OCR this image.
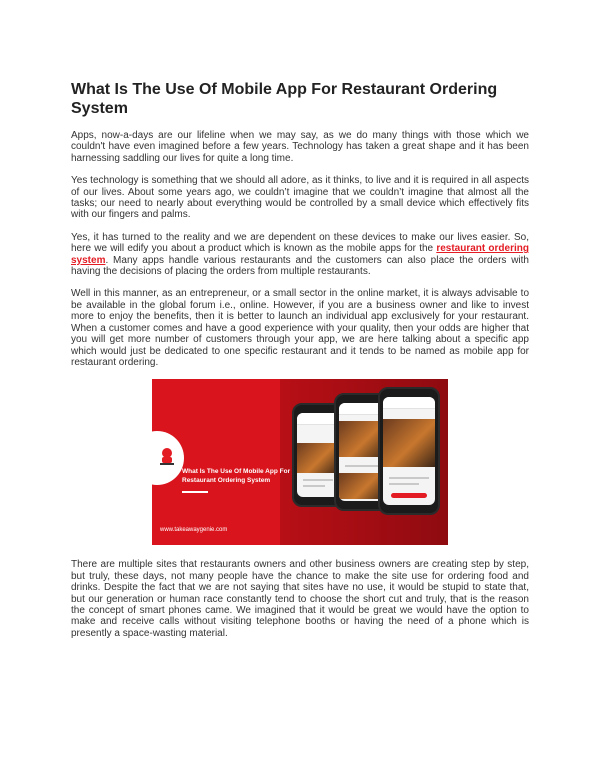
What Is The Use Of Mobile App For Restaurant Ordering System

Apps, now-a-days are our lifeline when we may say, as we do many things with those which we couldn't have even imagined before a few years. Technology has taken a great shape and it has been harnessing saddling our lives for quite a long time.

Yes technology is something that we should all adore, as it thinks, to live and it is required in all aspects of our lives. About some years ago, we couldn’t imagine that we couldn’t imagine that almost all the tasks; our need to nearly about everything would be controlled by a small device which effectively fits with our fingers and palms.

Yes, it has turned to the reality and we are dependent on these devices to make our lives easier. So, here we will edify you about a product which is known as the mobile apps for the restaurant ordering system. Many apps handle various restaurants and the customers can also place the orders with having the decisions of placing the orders from multiple restaurants.

Well in this manner, as an entrepreneur, or a small sector in the online market, it is always advisable to be available in the global forum i.e., online. However, if you are a business owner and like to invest more to enjoy the benefits, then it is better to launch an individual app exclusively for your restaurant. When a customer comes and have a good experience with your quality, then your odds are higher that you will get more number of customers through your app, we are here talking about a specific app which would just be dedicated to one specific restaurant and it tends to be named as mobile app for restaurant ordering.

What Is The Use Of Mobile App For Restaurant Ordering System
www.takeawaygenie.com

There are multiple sites that restaurants owners and other business owners are creating step by step, but truly, these days, not many people have the chance to make the site use for ordering food and drinks. Despite the fact that we are not saying that sites have no use, it would be stupid to state that, but our generation or human race constantly tend to choose the short cut and truly, that is the reason the concept of smart phones came. We imagined that it would be great we would have the option to make and receive calls without visiting telephone booths or having the need of a phone which is presently a space-wasting material.
